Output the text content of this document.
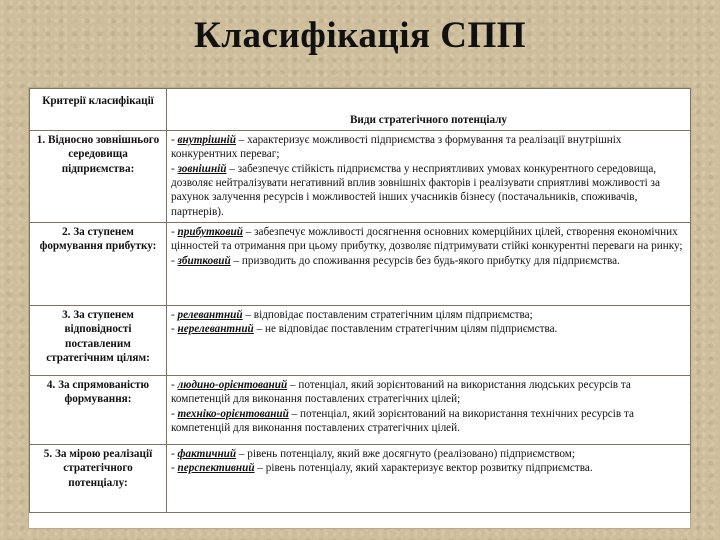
Класифікація СПП
Критерії класифікації	Види стратегічного потенціалу
1. Відносно зовнішнього середовища підприємства:	- внутрішній – характеризує можливості підприємства з формування та реалізації внутрішніх конкурентних переваг;
- зовнішній – забезпечує стійкість підприємства у несприятливих умовах конкурентного середовища, дозволяє нейтралізувати негативний вплив зовнішніх факторів і реалізувати сприятливі можливості за рахунок залучення ресурсів і можливостей інших учасників бізнесу (постачальників, споживачів, партнерів).

2. За ступенем формування прибутку:	- прибутковий – забезпечує можливості досягнення основних комерційних цілей, створення економічних цінностей та отримання при цьому прибутку, дозволяє підтримувати стійкі конкурентні переваги на ринку;
- збитковий – призводить до споживання ресурсів без будь-якого прибутку для підприємства.

3. За ступенем відповідності поставленим стратегічним цілям:	- релевантний – відповідає поставленим стратегічним цілям підприємства;
- нерелевантний – не відповідає поставленим стратегічним цілям підприємства.

4. За спрямованістю формування:	- людино-орієнтований – потенціал, який зорієнтований на використання людських ресурсів та компетенцій для виконання поставлених стратегічних цілей;
- техніко-орієнтований – потенціал, який зорієнтований на використання технічних ресурсів та компетенцій для виконання поставлених стратегічних цілей.

5. За мірою реалізації стратегічного потенціалу:	- фактичний – рівень потенціалу, який вже досягнуто (реалізовано) підприємством;
- перспективний – рівень потенціалу, який характеризує вектор розвитку підприємства.
